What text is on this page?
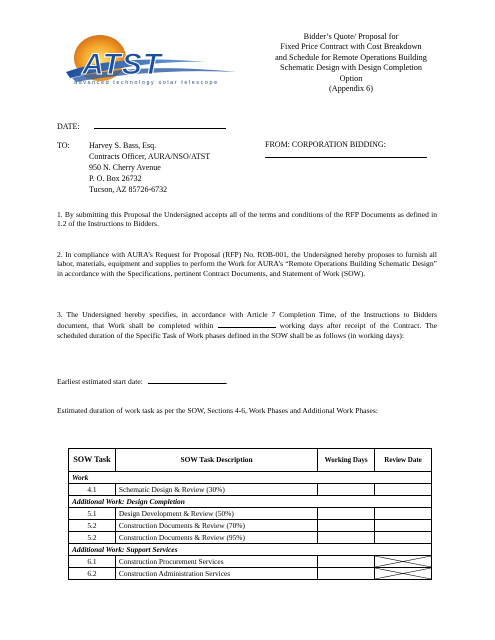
ATST
advanced technology solar telescope
Bidder’s Quote/ Proposal for
Fixed Price Contract with Cost Breakdown
and Schedule for Remote Operations Building
Schematic Design with Design Completion
Option
(Appendix 6)
DATE:
TO: Harvey S. Bass, Esq.
Contracts Officer, AURA/NSO/ATST
950 N. Cherry Avenue
P. O. Box 26732
Tucson, AZ 85726-6732
FROM: CORPORATION BIDDING:
1. By submitting this Proposal the Undersigned accepts all of the terms and conditions of the RFP Documents as defined in 1.2 of the Instructions to Bidders.
2. In compliance with AURA’s Request for Proposal (RFP) No. ROB-001, the Undersigned hereby proposes to furnish all labor, materials, equipment and supplies to perform the Work for AURA’s “Remote Operations Building Schematic Design” in accordance with the Specifications, pertinent Contract Documents, and Statement of Work (SOW).
3. The Undersigned hereby specifies, in accordance with Article 7 Completion Time, of the Instructions to Bidders document, that Work shall be completed within	working days after receipt of the Contract. The scheduled duration of the Specific Task of Work phases defined in the SOW shall be as follows (in working days):
Earliest estimated start date:	.
Estimated duration of work task as per the SOW, Sections 4-6, Work Phases and Additional Work Phases:
SOW Task	SOW Task Description	Working Days	Review Date
Work			
4.1	Schematic Design & Review (30%)		
Additional Work: Design Completion			
5.1	Design Development & Review (50%)		
5.2	Construction Documents & Review (70%)		
5.2	Construction Documents & Review (95%)		
Additional Work: Support Services			
6.1	Construction Procurement Services		

6.2	Construction Administration Services		
